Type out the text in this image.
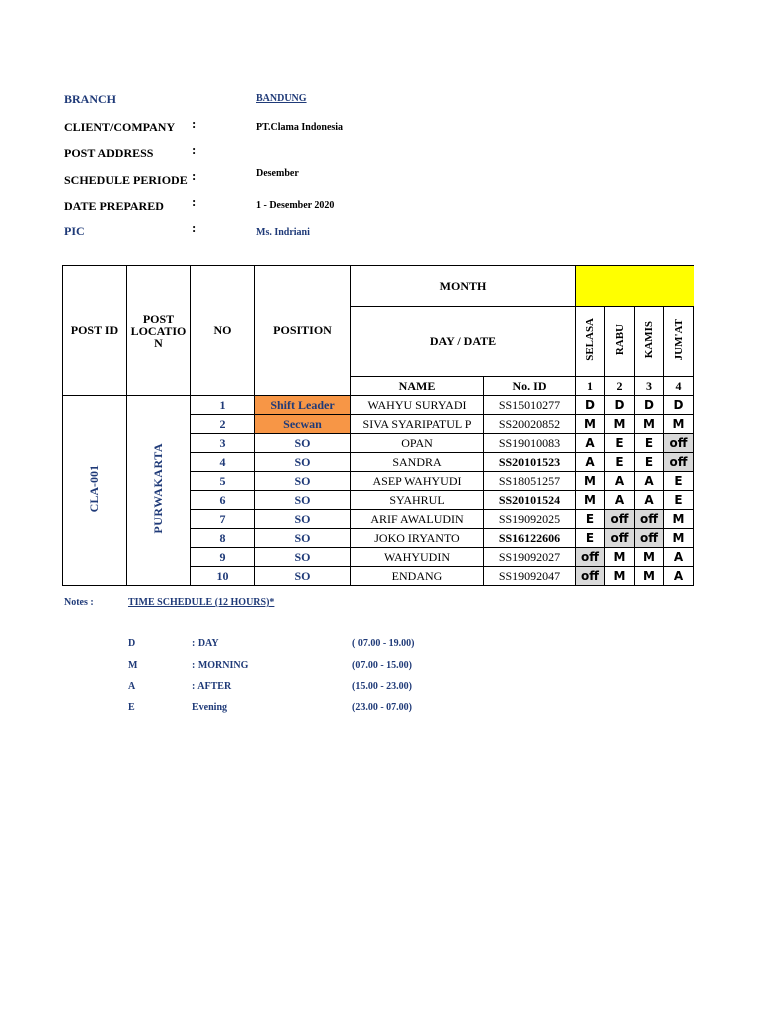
BRANCH	BANDUNG
CLIENT/COMPANY :	PT.Clama Indonesia
POST ADDRESS	:
SCHEDULE PERIODE :	Desember
DATE PREPARED :	1 - Desember 2020
PIC	:	Ms. Indriani
POST ID	POST LOCATIO N	NO	POSITION	MONTH					
				DAY / DATE		SELASA	RABU	KAMIS	JUM'AT
				NAME	No. ID	1	2	3	4
CLA-001	PURWAKARTA	1	Shift Leader	WAHYU SURYADI	SS15010277	D	D	D	D
		2	Secwan	SIVA SYARIPATUL P	SS20020852	M	M	M	M
		3	SO	OPAN	SS19010083	A	E	E	off
		4	SO	SANDRA	SS20101523	A	E	E	off
		5	SO	ASEP WAHYUDI	SS18051257	M	A	A	E
		6	SO	SYAHRUL	SS20101524	M	A	A	E
		7	SO	ARIF AWALUDIN	SS19092025	E	off	off	M
		8	SO	JOKO IRYANTO	SS16122606	E	off	off	M
		9	SO	WAHYUDIN	SS19092027	off	M	M	A
		10	SO	ENDANG	SS19092047	off	M	M	A
Notes :	TIME SCHEDULE (12 HOURS)*
D	: DAY	( 07.00 - 19.00)
M	: MORNING	(07.00 - 15.00)
A	: AFTER	(15.00 - 23.00)
E	Evening	(23.00 - 07.00)
